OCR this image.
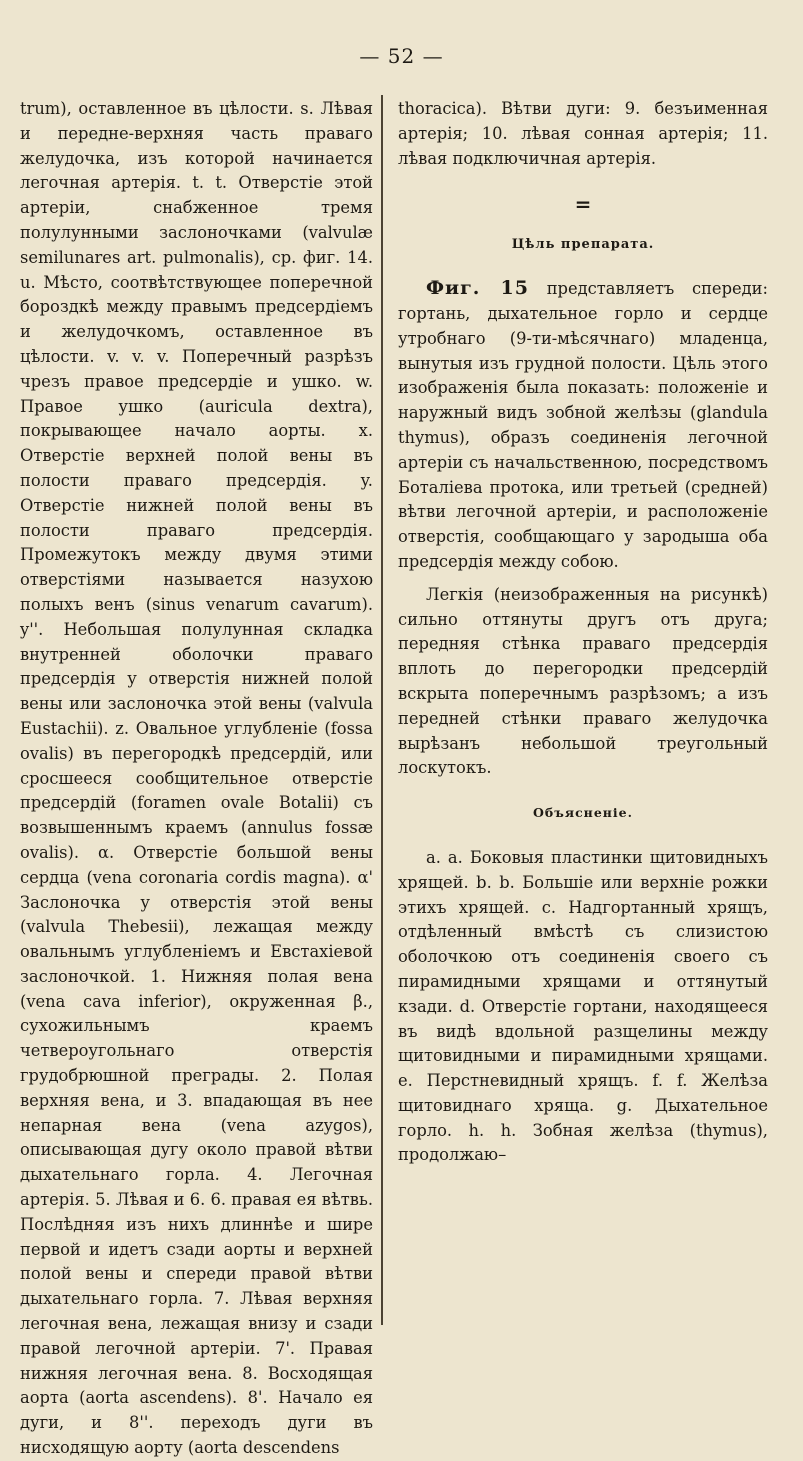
— 52 —

trum), оставленное въ цѣлости. s. Лѣвая и передне-верхняя часть праваго желудочка, изъ которой начинается легочная артерія. t. t. Отверстіе этой артеріи, снабженное тремя полулунными заслоночками (valvulæ semilunares art. pulmonalis), ср. фиг. 14. u. Мѣсто, соотвѣтствующее поперечной бороздкѣ между правымъ предсердіемъ и желудочкомъ, оставленное въ цѣлости. v. v. v. Поперечный разрѣзъ чрезъ правое предсердіе и ушко. w. Правое ушко (auricula dextra), покрывающее начало аорты. x. Отверстіе верхней полой вены въ полости праваго предсердія. y. Отверстіе нижней полой вены въ полости праваго предсердія. Промежутокъ между двумя этими отверстіями называется назухою полыхъ венъ (sinus venarum cavarum). y''. Небольшая полулунная складка внутренней оболочки праваго предсердія у отверстія нижней полой вены или заслоночка этой вены (valvula Eustachii). z. Овальное углубленіе (fossa ovalis) въ перегородкѣ предсердій, или сросшееся сообщительное отверстіе предсердій (foramen ovale Botalii) съ возвышеннымъ краемъ (annulus fossæ ovalis). α. Отверстіе большой вены сердца (vena coronaria cordis magna). α' Заслоночка у отверстія этой вены (valvula Thebesii), лежащая между овальнымъ углубленіемъ и Евстахіевой заслоночкой. 1. Нижняя полая вена (vena cava inferior), окруженная β., сухожильнымъ краемъ четвероугольнаго отверстія грудобрюшной преграды. 2. Полая верхняя вена, и 3. впадающая въ нее непарная вена (vena azygos), описывающая дугу около правой вѣтви дыхательнаго горла. 4. Легочная артерія. 5. Лѣвая и 6. 6. правая ея вѣтвь. Послѣдняя изъ нихъ длиннѣе и шире первой и идетъ сзади аорты и верхней полой вены и спереди правой вѣтви дыхательнаго горла. 7. Лѣвая верхняя легочная вена, лежащая внизу и сзади правой легочной артеріи. 7'. Правая нижняя легочная вена. 8. Восходящая аорта (aorta ascendens). 8'. Начало ея дуги, и 8''. переходъ дуги въ нисходящую аорту (aorta descendens

thoracica). Вѣтви дуги: 9. безъименная артерія; 10. лѣвая сонная артерія; 11. лѣвая подключичная артерія.

=
Цѣль препарата.

Фиг. 15 представляетъ спереди: гортань, дыхательное горло и сердце утробнаго (9-ти-мѣсячнаго) младенца, вынутыя изъ грудной полости. Цѣль этого изображенія была показать: положеніе и наружный видъ зобной желѣзы (glandula thymus), образъ соединенія легочной артеріи съ начальственною, посредствомъ Боталіева протока, или третьей (средней) вѣтви легочной артеріи, и расположеніе отверстія, сообщающаго у зародыша оба предсердія между собою.

Легкія (неизображенныя на рисункѣ) сильно оттянуты другъ отъ друга; передняя стѣнка праваго предсердія вплоть до перегородки предсердій вскрыта поперечнымъ разрѣзомъ; а изъ передней стѣнки праваго желудочка вырѣзанъ небольшой треугольный лоскутокъ.

Объясненіе.

a. a. Боковыя пластинки щитовидныхъ хрящей. b. b. Большіе или верхніе рожки этихъ хрящей. c. Надгортанный хрящъ, отдѣленный вмѣстѣ съ слизистою оболочкою отъ соединенія своего съ пирамидными хрящами и оттянутый кзади. d. Отверстіе гортани, находящееся въ видѣ вдольной разщелины между щитовидными и пирамидными хрящами. e. Перстневидный хрящъ. f. f. Желѣза щитовиднаго хряща. g. Дыхательное горло. h. h. Зобная желѣза (thymus), продолжаю–
